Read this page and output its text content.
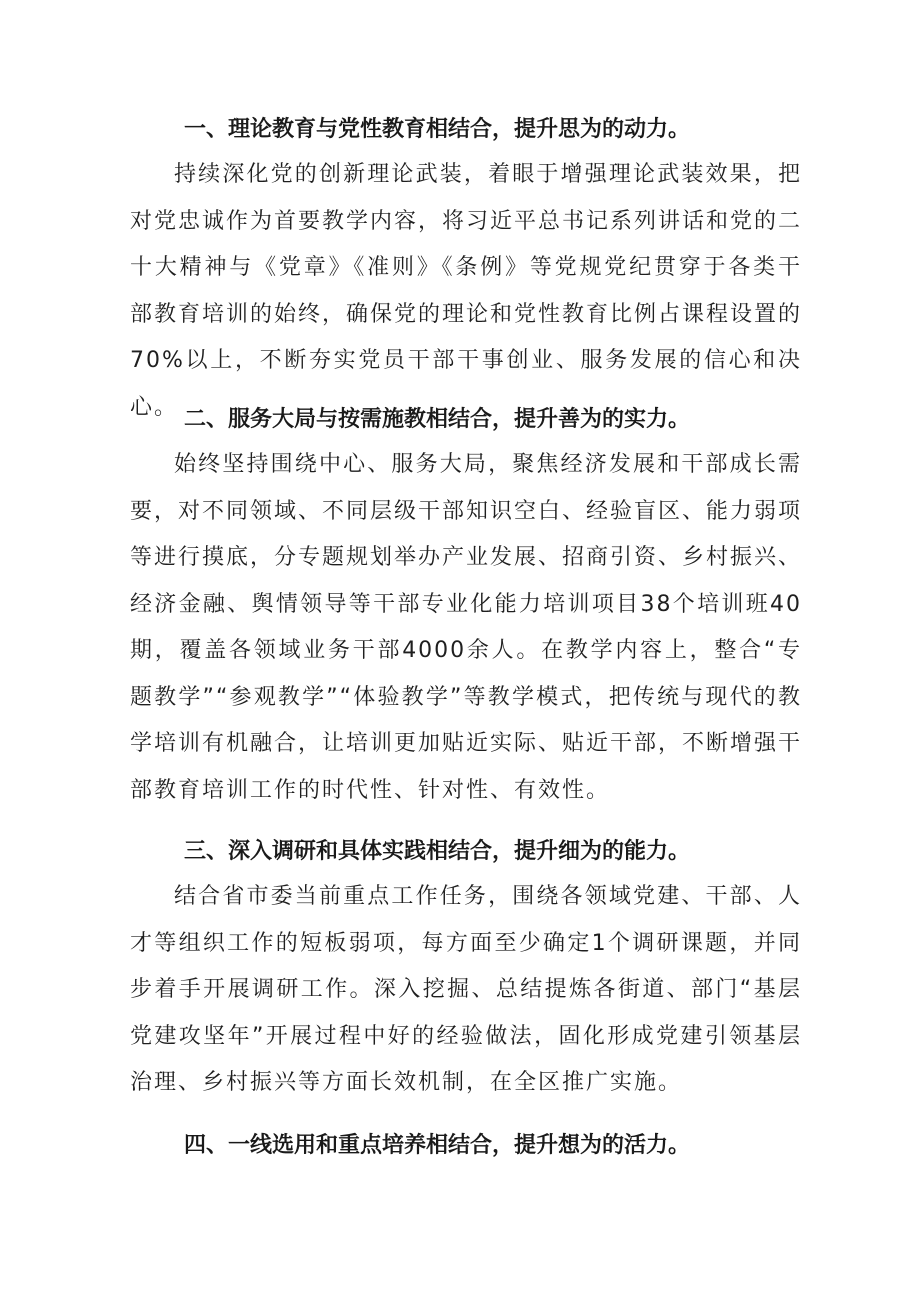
一、理论教育与党性教育相结合，提升思为的动力。

持续深化党的创新理论武装，着眼于增强理论武装效果，把对党忠诚作为首要教学内容，将习近平总书记系列讲话和党的二十大精神与《党章》《准则》《条例》等党规党纪贯穿于各类干部教育培训的始终，确保党的理论和党性教育比例占课程设置的70%以上，不断夯实党员干部干事创业、服务发展的信心和决心。 二、服务大局与按需施教相结合，提升善为的实力。

始终坚持围绕中心、服务大局，聚焦经济发展和干部成长需要，对不同领域、不同层级干部知识空白、经验盲区、能力弱项等进行摸底，分专题规划举办产业发展、招商引资、乡村振兴、经济金融、舆情领导等干部专业化能力培训项目38个培训班40期，覆盖各领域业务干部4000余人。在教学内容上，整合“专题教学”“参观教学”“体验教学”等教学模式，把传统与现代的教学培训有机融合，让培训更加贴近实际、贴近干部，不断增强干部教育培训工作的时代性、针对性、有效性。

三、深入调研和具体实践相结合，提升细为的能力。

结合省市委当前重点工作任务，围绕各领域党建、干部、人才等组织工作的短板弱项，每方面至少确定1个调研课题，并同步着手开展调研工作。深入挖掘、总结提炼各街道、部门“基层党建攻坚年”开展过程中好的经验做法，固化形成党建引领基层治理、乡村振兴等方面长效机制，在全区推广实施。

四、一线选用和重点培养相结合，提升想为的活力。
